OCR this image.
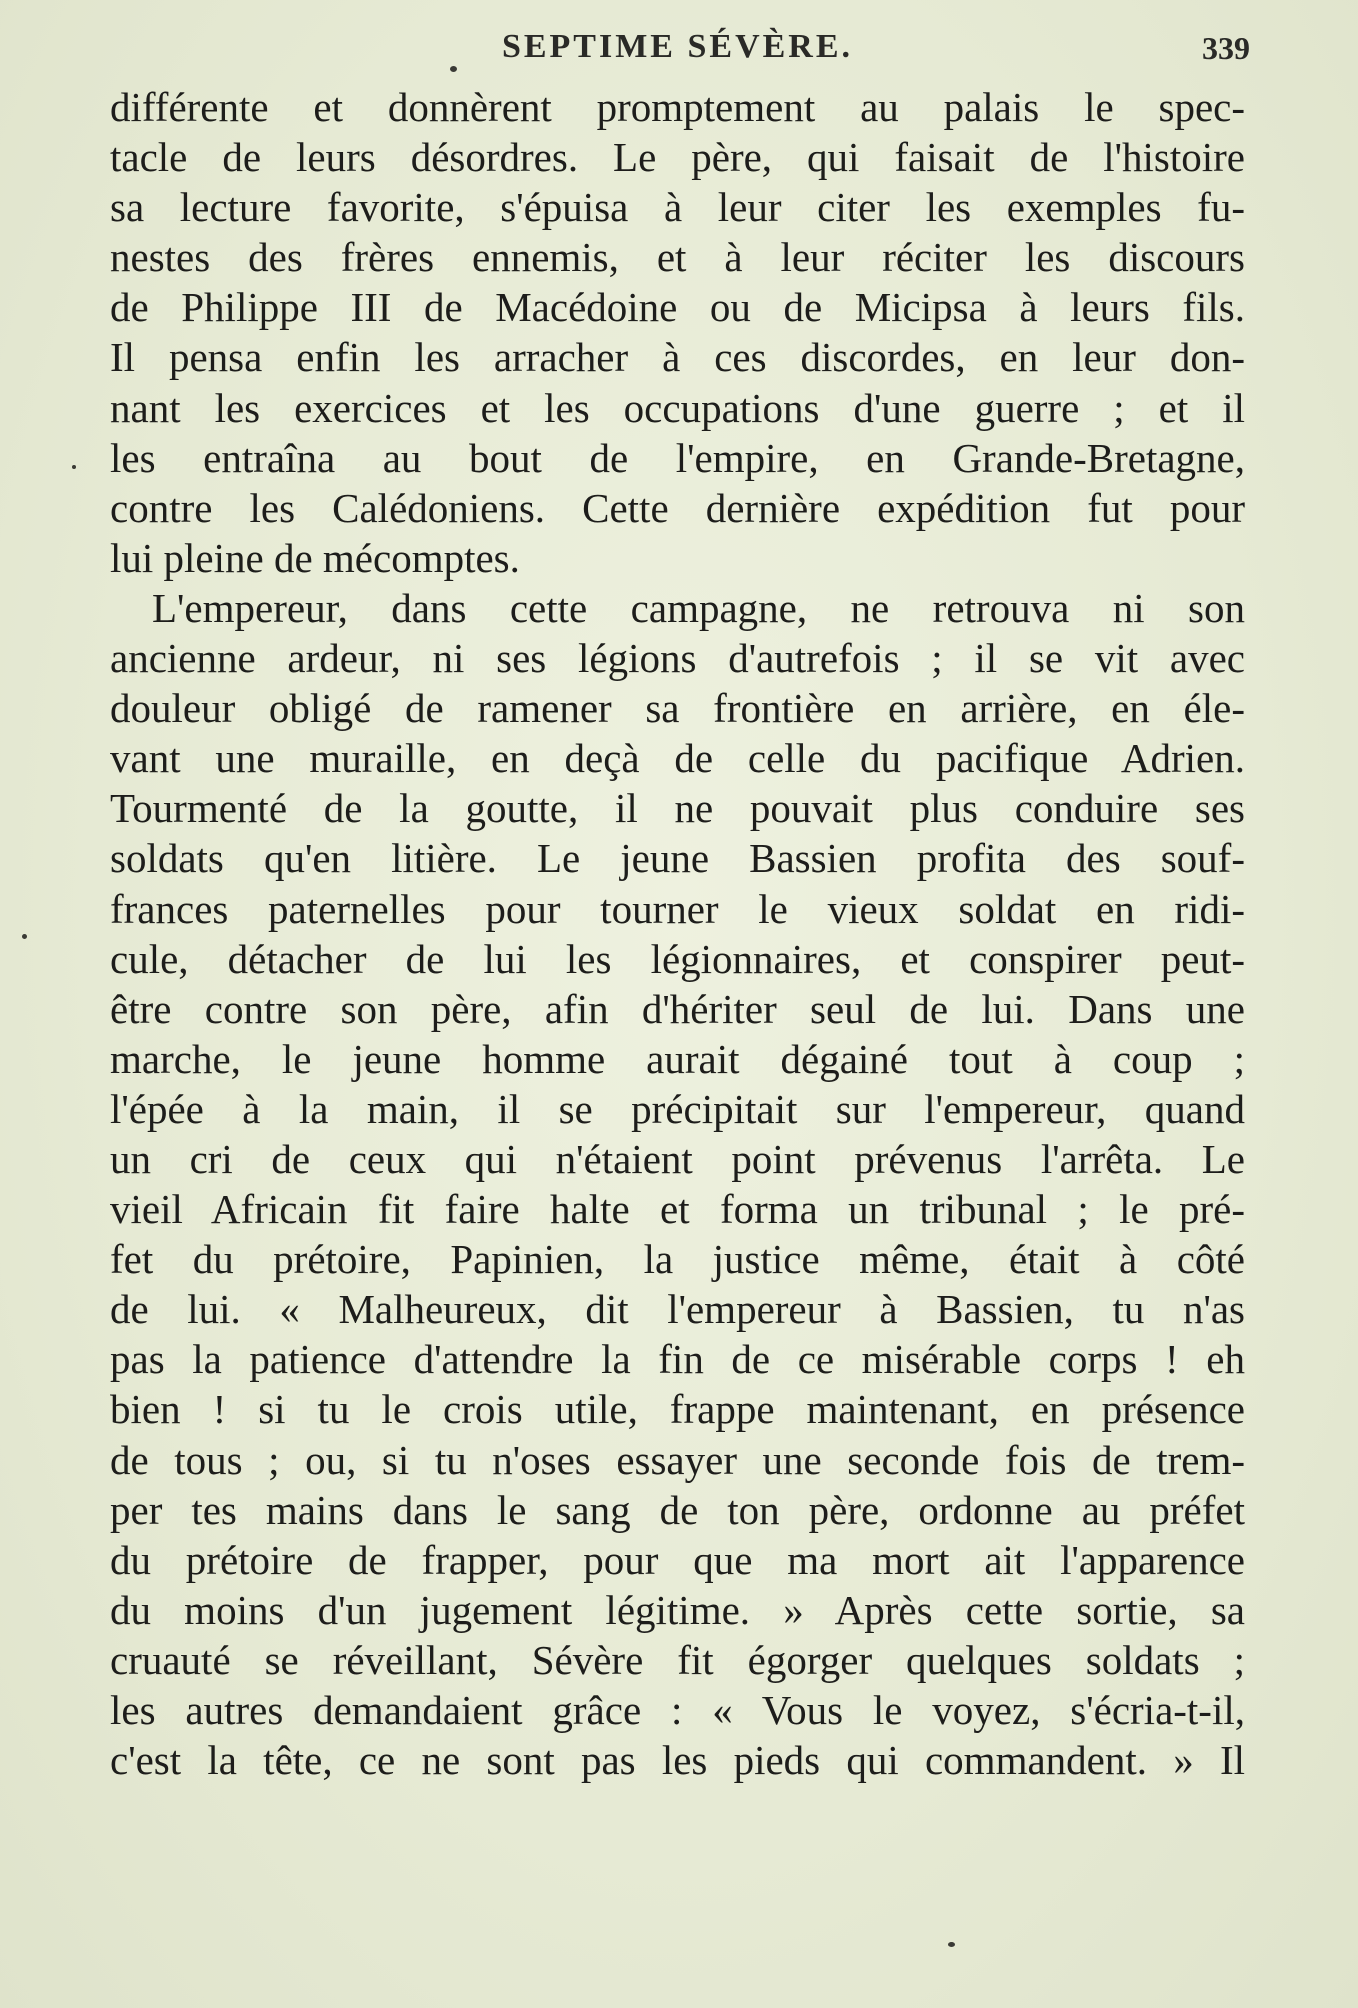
SEPTIME SÉVÈRE.	339
différente et donnèrent promptement au palais le spec-
tacle de leurs désordres. Le père, qui faisait de l'histoire
sa lecture favorite, s'épuisa à leur citer les exemples fu-
nestes des frères ennemis, et à leur réciter les discours
de Philippe III de Macédoine ou de Micipsa à leurs fils.
Il pensa enfin les arracher à ces discordes, en leur don-
nant les exercices et les occupations d'une guerre ; et il
les entraîna au bout de l'empire, en Grande-Bretagne,
contre les Calédoniens. Cette dernière expédition fut pour
lui pleine de mécomptes.
L'empereur, dans cette campagne, ne retrouva ni son
ancienne ardeur, ni ses légions d'autrefois ; il se vit avec
douleur obligé de ramener sa frontière en arrière, en éle-
vant une muraille, en deçà de celle du pacifique Adrien.
Tourmenté de la goutte, il ne pouvait plus conduire ses
soldats qu'en litière. Le jeune Bassien profita des souf-
frances paternelles pour tourner le vieux soldat en ridi-
cule, détacher de lui les légionnaires, et conspirer peut-
être contre son père, afin d'hériter seul de lui. Dans une
marche, le jeune homme aurait dégainé tout à coup ;
l'épée à la main, il se précipitait sur l'empereur, quand
un cri de ceux qui n'étaient point prévenus l'arrêta. Le
vieil Africain fit faire halte et forma un tribunal ; le pré-
fet du prétoire, Papinien, la justice même, était à côté
de lui. « Malheureux, dit l'empereur à Bassien, tu n'as
pas la patience d'attendre la fin de ce misérable corps ! eh
bien ! si tu le crois utile, frappe maintenant, en présence
de tous ; ou, si tu n'oses essayer une seconde fois de trem-
per tes mains dans le sang de ton père, ordonne au préfet
du prétoire de frapper, pour que ma mort ait l'apparence
du moins d'un jugement légitime. » Après cette sortie, sa
cruauté se réveillant, Sévère fit égorger quelques soldats ;
les autres demandaient grâce : « Vous le voyez, s'écria-t-il,
c'est la tête, ce ne sont pas les pieds qui commandent. » Il
